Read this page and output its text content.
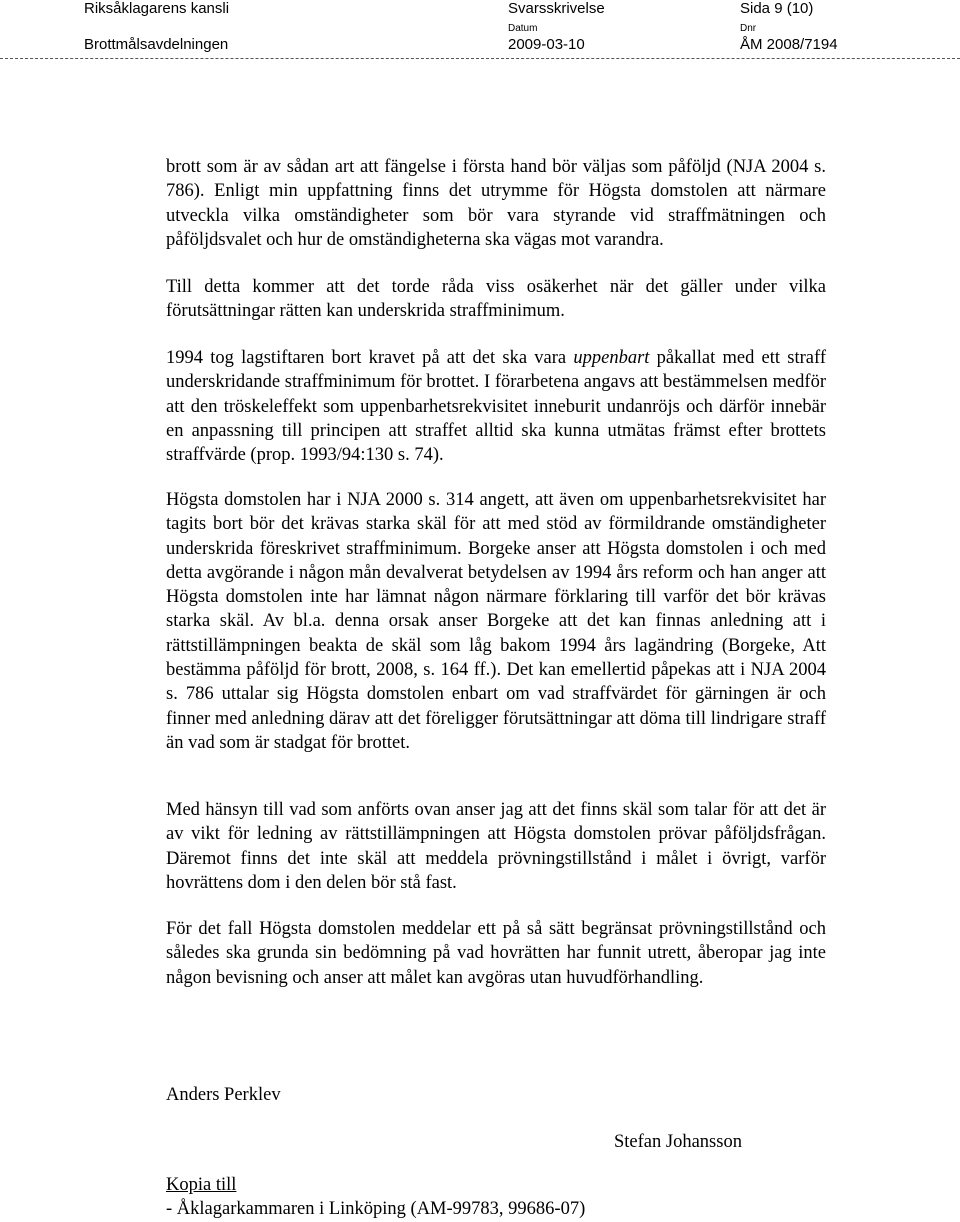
Riksåklagarens kansli
Brottmålsavdelningen
Svarsskrivelse
Datum
2009-03-10
Sida 9 (10)
Dnr
ÅM 2008/7194

brott som är av sådan art att fängelse i första hand bör väljas som påföljd (NJA 2004 s. 786). Enligt min uppfattning finns det utrymme för Högsta domstolen att närmare utveckla vilka omständigheter som bör vara styrande vid straffmätningen och påföljdsvalet och hur de omständigheterna ska vägas mot varandra.

Till detta kommer att det torde råda viss osäkerhet när det gäller under vilka förutsättningar rätten kan underskrida straffminimum.

1994 tog lagstiftaren bort kravet på att det ska vara uppenbart påkallat med ett straff underskridande straffminimum för brottet. I förarbetena angavs att bestämmelsen medför att den tröskeleffekt som uppenbarhetsrekvisitet inneburit undanröjs och därför innebär en anpassning till principen att straffet alltid ska kunna utmätas främst efter brottets straffvärde (prop. 1993/94:130 s. 74).

Högsta domstolen har i NJA 2000 s. 314 angett, att även om uppenbarhetsrekvisitet har tagits bort bör det krävas starka skäl för att med stöd av förmildrande omständigheter underskrida föreskrivet straffminimum. Borgeke anser att Högsta domstolen i och med detta avgörande i någon mån devalverat betydelsen av 1994 års reform och han anger att Högsta domstolen inte har lämnat någon närmare förklaring till varför det bör krävas starka skäl. Av bl.a. denna orsak anser Borgeke att det kan finnas anledning att i rättstillämpningen beakta de skäl som låg bakom 1994 års lagändring (Borgeke, Att bestämma påföljd för brott, 2008, s. 164 ff.). Det kan emellertid påpekas att i NJA 2004 s. 786 uttalar sig Högsta domstolen enbart om vad straffvärdet för gärningen är och finner med anledning därav att det föreligger förutsättningar att döma till lindrigare straff än vad som är stadgat för brottet.

Med hänsyn till vad som anförts ovan anser jag att det finns skäl som talar för att det är av vikt för ledning av rättstillämpningen att Högsta domstolen prövar påföljdsfrågan. Däremot finns det inte skäl att meddela prövningstillstånd i målet i övrigt, varför hovrättens dom i den delen bör stå fast.

För det fall Högsta domstolen meddelar ett på så sätt begränsat prövningstillstånd och således ska grunda sin bedömning på vad hovrätten har funnit utrett, åberopar jag inte någon bevisning och anser att målet kan avgöras utan huvudförhandling.

Anders Perklev
Stefan Johansson
Kopia till
- Åklagarkammaren i Linköping (AM-99783, 99686-07)
